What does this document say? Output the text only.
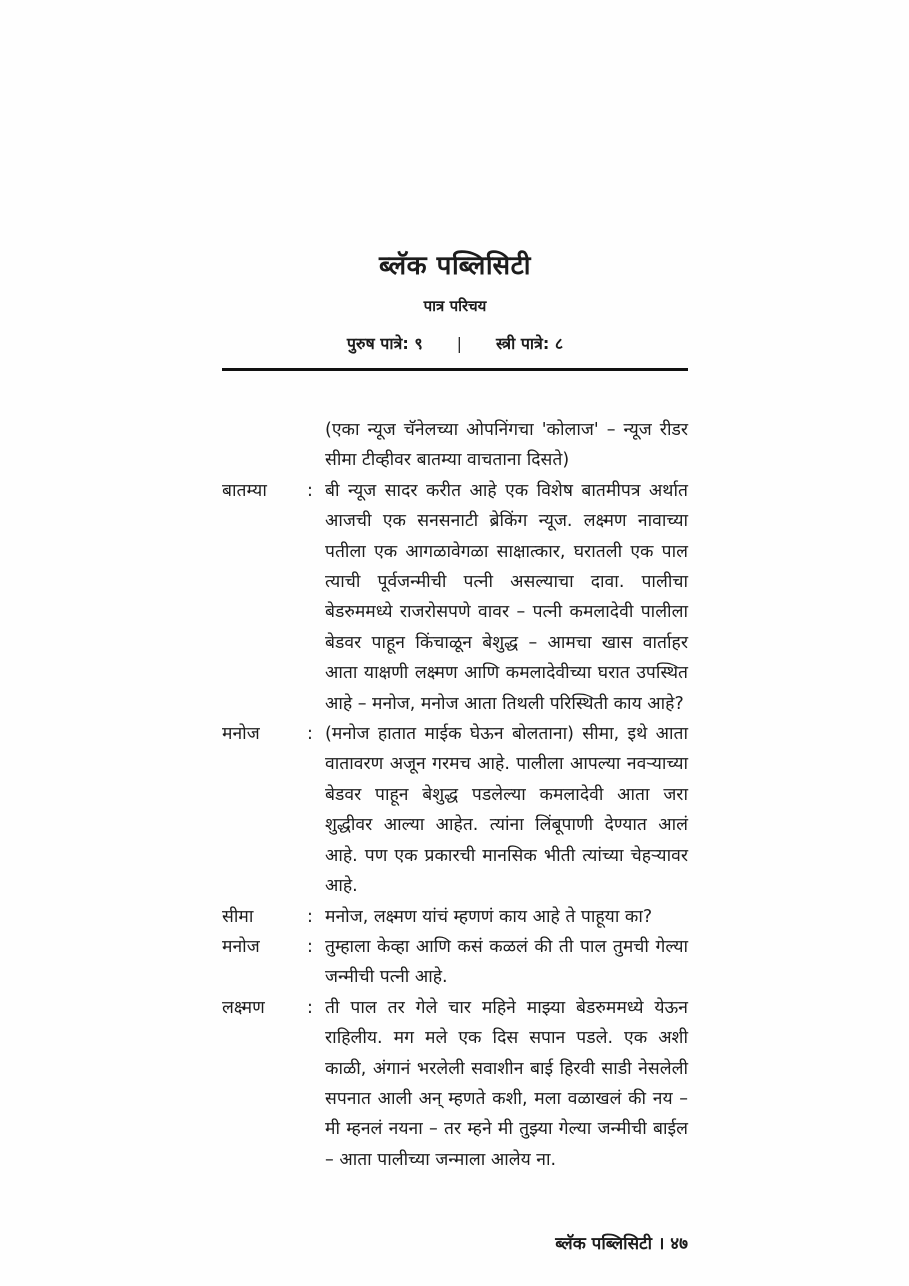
ब्लॅक पब्लिसिटी
पात्र परिचय
पुरुष पात्रे: ९ | स्त्री पात्रे: ८
(एका न्यूज चॅनेलच्या ओपनिंगचा 'कोलाज' – न्यूज रीडर सीमा टीव्हीवर बातम्या वाचताना दिसते)
बातम्या	: बी न्यूज सादर करीत आहे एक विशेष बातमीपत्र अर्थात आजची एक सनसनाटी ब्रेकिंग न्यूज. लक्ष्मण नावाच्या पतीला एक आगळावेगळा साक्षात्कार, घरातली एक पाल त्याची पूर्वजन्मीची पत्नी असल्याचा दावा. पालीचा बेडरुममध्ये राजरोसपणे वावर – पत्नी कमलादेवी पालीला बेडवर पाहून किंचाळून बेशुद्ध – आमचा खास वार्ताहर आता याक्षणी लक्ष्मण आणि कमलादेवीच्या घरात उपस्थित आहे – मनोज, मनोज आता तिथली परिस्थिती काय आहे?
मनोज	: (मनोज हातात माईक घेऊन बोलताना) सीमा, इथे आता वातावरण अजून गरमच आहे. पालीला आपल्या नवऱ्याच्या बेडवर पाहून बेशुद्ध पडलेल्या कमलादेवी आता जरा शुद्धीवर आल्या आहेत. त्यांना लिंबूपाणी देण्यात आलं आहे. पण एक प्रकारची मानसिक भीती त्यांच्या चेहऱ्यावर आहे.
सीमा	: मनोज, लक्ष्मण यांचं म्हणणं काय आहे ते पाहूया का?
मनोज	: तुम्हाला केव्हा आणि कसं कळलं की ती पाल तुमची गेल्या जन्मीची पत्नी आहे.
लक्ष्मण	: ती पाल तर गेले चार महिने माझ्या बेडरुममध्ये येऊन राहिलीय. मग मले एक दिस सपान पडले. एक अशी काळी, अंगानं भरलेली सवाशीन बाई हिरवी साडी नेसलेली सपनात आली अन् म्हणते कशी, मला वळाखलं की नय – मी म्हनलं नयना – तर म्हने मी तुझ्या गेल्या जन्मीची बाईल – आता पालीच्या जन्माला आलेय ना.
ब्लॅक पब्लिसिटी । ४७
